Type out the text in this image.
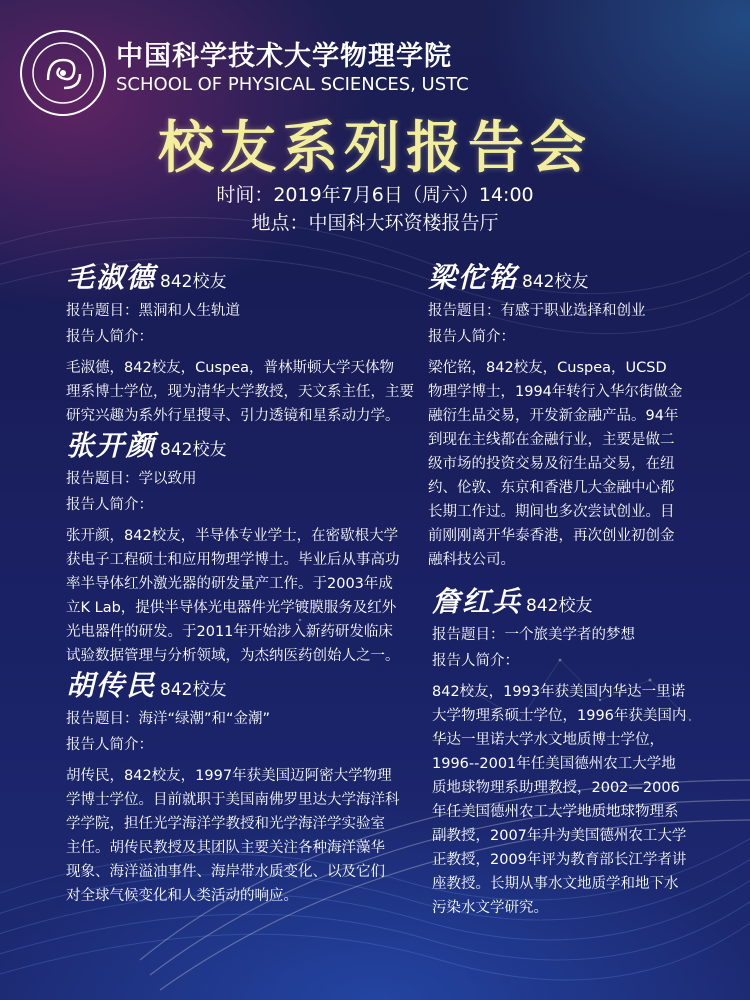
中国科学技术大学物理学院
SCHOOL OF PHYSICAL SCIENCES, USTC
校友系列报告会
时间：2019年7月6日（周六）14:00
地点：中国科大环资楼报告厅
毛淑德 842校友
报告题目：黑洞和人生轨道
报告人简介：
毛淑德，842校友，Cuspea，普林斯顿大学天体物
理系博士学位，现为清华大学教授，天文系主任，主要
研究兴趣为系外行星搜寻、引力透镜和星系动力学。
张开颜 842校友
报告题目：学以致用
报告人简介：
张开颜，842校友，半导体专业学士，在密歇根大学
获电子工程硕士和应用物理学博士。毕业后从事高功
率半导体红外激光器的研发量产工作。于2003年成
立K Lab，提供半导体光电器件光学镀膜服务及红外
光电器件的研发。于2011年开始涉入新药研发临床
试验数据管理与分析领域，为杰纳医药创始人之一。
胡传民 842校友
报告题目：海洋“绿潮”和“金潮”
报告人简介：
胡传民，842校友，1997年获美国迈阿密大学物理
学博士学位。目前就职于美国南佛罗里达大学海洋科
学学院，担任光学海洋学教授和光学海洋学实验室
主任。胡传民教授及其团队主要关注各种海洋藻华
现象、海洋溢油事件、海岸带水质变化、以及它们
对全球气候变化和人类活动的响应。
梁佗铭 842校友
报告题目：有感于职业选择和创业
报告人简介：
梁佗铭，842校友，Cuspea，UCSD
物理学博士，1994年转行入华尔街做金
融衍生品交易，开发新金融产品。94年
到现在主线都在金融行业，主要是做二
级市场的投资交易及衍生品交易，在纽
约、伦敦、东京和香港几大金融中心都
长期工作过。期间也多次尝试创业。目
前刚刚离开华泰香港，再次创业初创金
融科技公司。
詹红兵 842校友
报告题目：一个旅美学者的梦想
报告人简介：
842校友，1993年获美国内华达一里诺
大学物理系硕士学位，1996年获美国内
华达一里诺大学水文地质博士学位，
1996--2001年任美国德州农工大学地
质地球物理系助理教授，2002—2006
年任美国德州农工大学地质地球物理系
副教授，2007年升为美国德州农工大学
正教授，2009年评为教育部长江学者讲
座教授。长期从事水文地质学和地下水
污染水文学研究。
